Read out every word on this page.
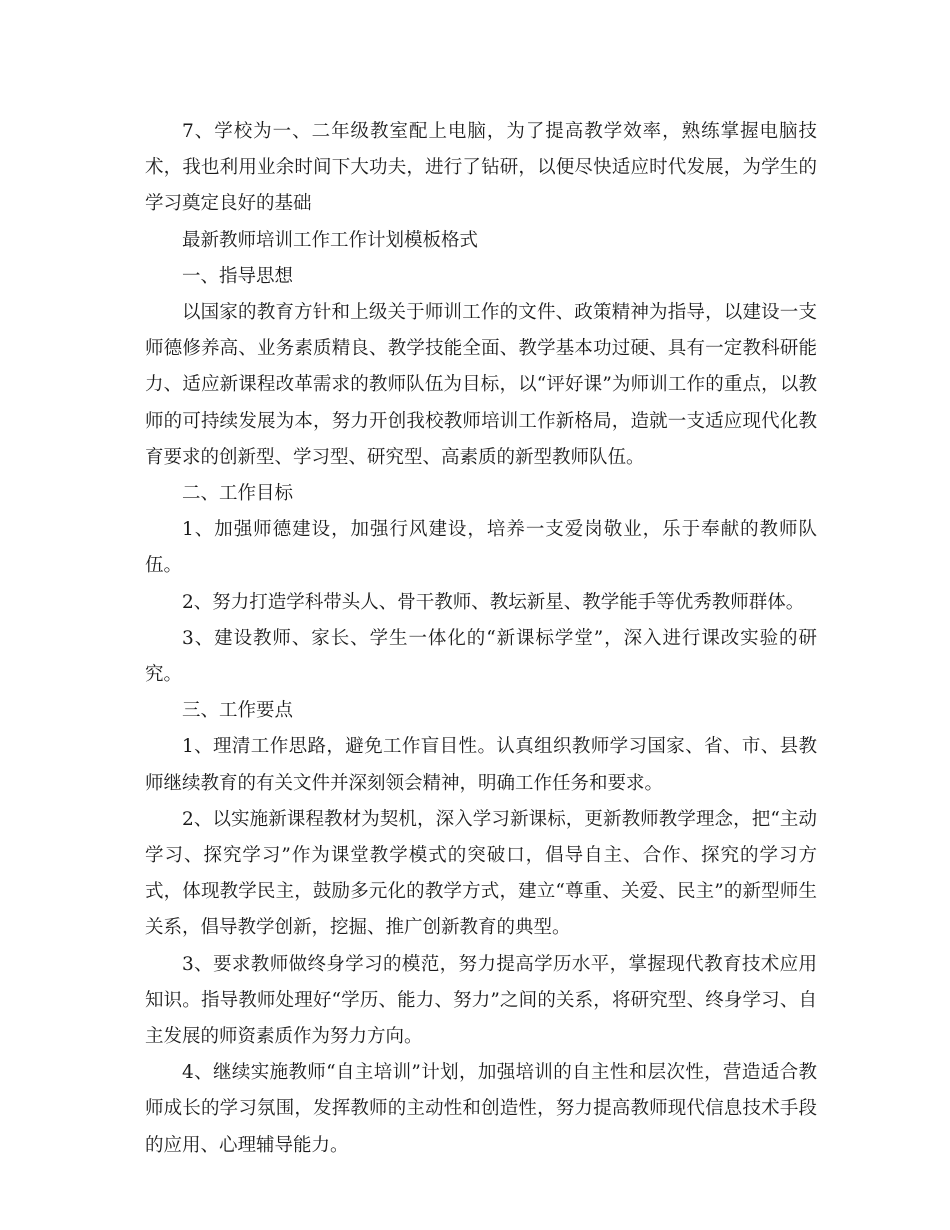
7、学校为一、二年级教室配上电脑，为了提高教学效率，熟练掌握电脑技术，我也利用业余时间下大功夫，进行了钻研，以便尽快适应时代发展，为学生的学习奠定良好的基础

最新教师培训工作工作计划模板格式

一、指导思想

以国家的教育方针和上级关于师训工作的文件、政策精神为指导，以建设一支师德修养高、业务素质精良、教学技能全面、教学基本功过硬、具有一定教科研能力、适应新课程改革需求的教师队伍为目标，以“评好课”为师训工作的重点，以教师的可持续发展为本，努力开创我校教师培训工作新格局，造就一支适应现代化教育要求的创新型、学习型、研究型、高素质的新型教师队伍。

二、工作目标

1、加强师德建设，加强行风建设，培养一支爱岗敬业，乐于奉献的教师队伍。

2、努力打造学科带头人、骨干教师、教坛新星、教学能手等优秀教师群体。

3、建设教师、家长、学生一体化的“新课标学堂”，深入进行课改实验的研究。

三、工作要点

1、理清工作思路，避免工作盲目性。认真组织教师学习国家、省、市、县教师继续教育的有关文件并深刻领会精神，明确工作任务和要求。

2、以实施新课程教材为契机，深入学习新课标，更新教师教学理念，把“主动学习、探究学习”作为课堂教学模式的突破口，倡导自主、合作、探究的学习方式，体现教学民主，鼓励多元化的教学方式，建立“尊重、关爱、民主”的新型师生关系，倡导教学创新，挖掘、推广创新教育的典型。

3、要求教师做终身学习的模范，努力提高学历水平，掌握现代教育技术应用知识。指导教师处理好“学历、能力、努力”之间的关系，将研究型、终身学习、自主发展的师资素质作为努力方向。

4、继续实施教师“自主培训”计划，加强培训的自主性和层次性，营造适合教师成长的学习氛围，发挥教师的主动性和创造性，努力提高教师现代信息技术手段的应用、心理辅导能力。
